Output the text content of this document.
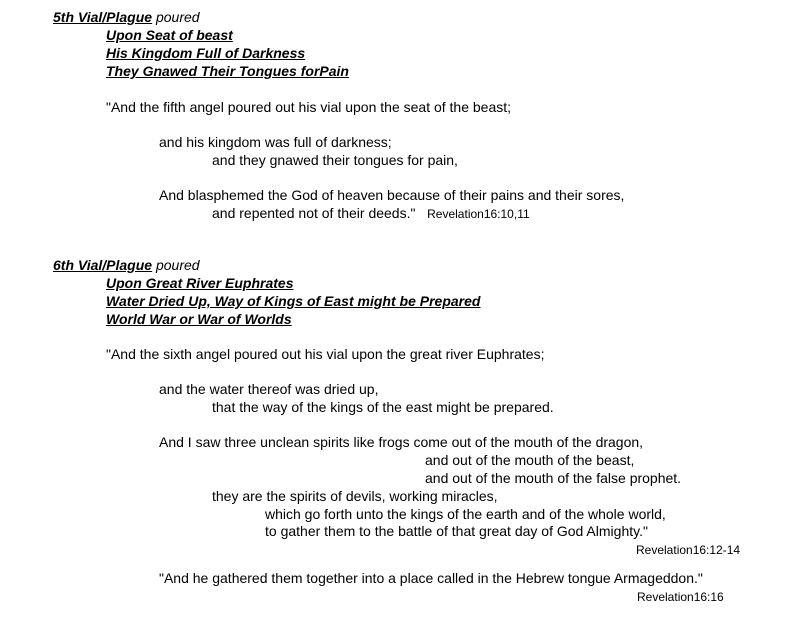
5th Vial/Plague poured
Upon Seat of beast
His Kingdom Full of Darkness
They Gnawed Their Tongues forPain
"And the fifth angel poured out his vial upon the seat of the beast;
and his kingdom was full of darkness;
and they gnawed their tongues for pain,
And blasphemed the God of heaven because of their pains and their sores,
and repented not of their deeds." Revelation16:10,11
6th Vial/Plague poured
Upon Great River Euphrates
Water Dried Up, Way of Kings of East might be Prepared
World War or War of Worlds
"And the sixth angel poured out his vial upon the great river Euphrates;
and the water thereof was dried up,
that the way of the kings of the east might be prepared.
And I saw three unclean spirits like frogs come out of the mouth of the dragon,
and out of the mouth of the beast,
and out of the mouth of the false prophet.
they are the spirits of devils, working miracles,
which go forth unto the kings of the earth and of the whole world,
to gather them to the battle of that great day of God Almighty."
Revelation16:12-14
"And he gathered them together into a place called in the Hebrew tongue Armageddon."
Revelation16:16
